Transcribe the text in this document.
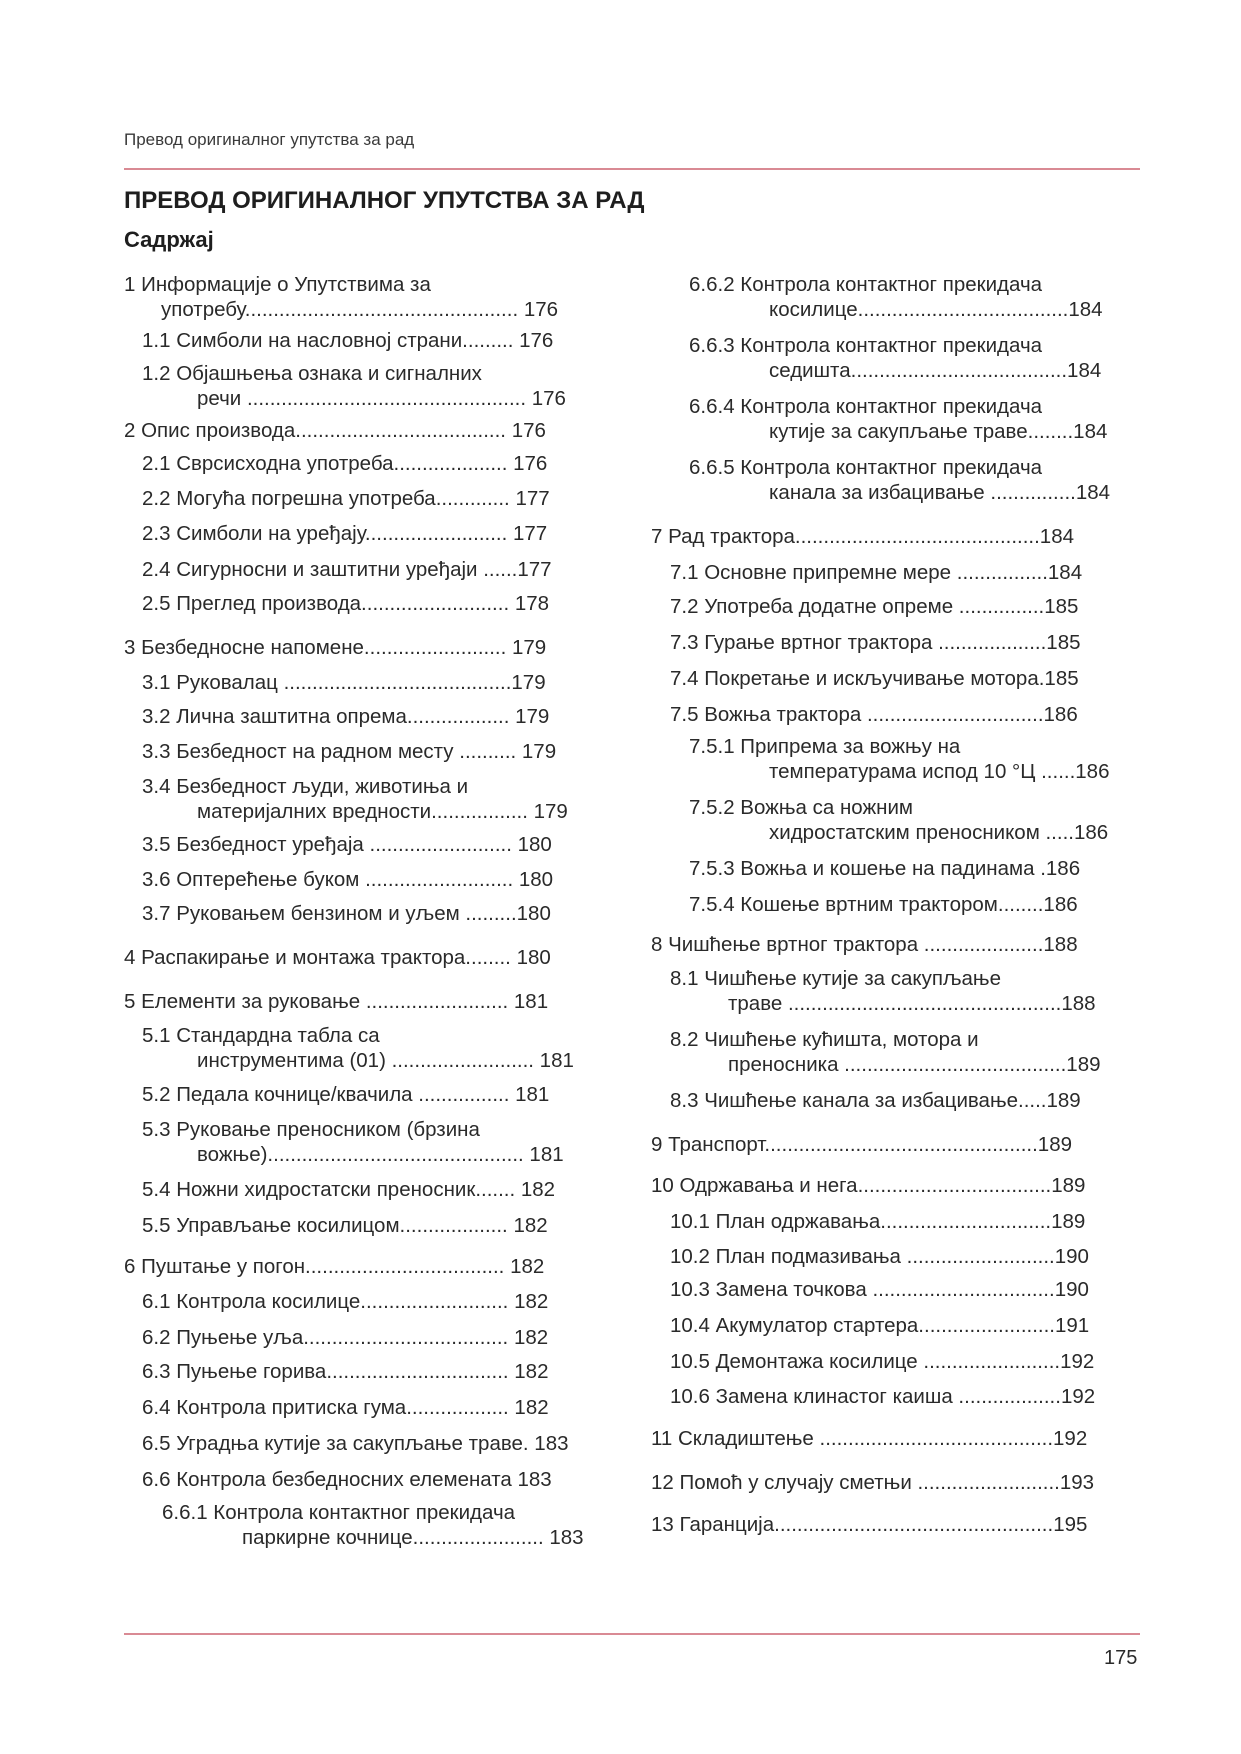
Превод оригиналног упутства за рад
ПРЕВОД ОРИГИНАЛНОГ УПУТСТВА ЗА РАД
Садржај
1 Информације о Упутствима за
употребу................................................ 176
1.1 Симболи на насловној страни......... 176
1.2 Објашњења ознака и сигналних
речи ................................................. 176
2 Опис производа..................................... 176
2.1 Сврсисходна употреба.................... 176
2.2 Могућа погрешна употреба............. 177
2.3 Симболи на уређају......................... 177
2.4 Сигурносни и заштитни уређаји ......177
2.5 Преглед производа.......................... 178
3 Безбедносне напомене......................... 179
3.1 Руковалац ........................................179
3.2 Лична заштитна опрема.................. 179
3.3 Безбедност на радном месту .......... 179
3.4 Безбедност људи, животиња и
материјалних вредности................. 179
3.5 Безбедност уређаја ......................... 180
3.6 Оптерећење буком .......................... 180
3.7 Руковањем бензином и уљем .........180
4 Распакирање и монтажа трактора........ 180
5 Елементи за руковање ......................... 181
5.1 Стандардна табла са
инструментима (01) ......................... 181
5.2 Педала кочнице/квачила ................ 181
5.3 Руковање преносником (брзина
вожње)............................................. 181
5.4 Ножни хидростатски преносник....... 182
5.5 Управљање косилицом................... 182
6 Пуштање у погон................................... 182
6.1 Контрола косилице.......................... 182
6.2 Пуњење уља.................................... 182
6.3 Пуњење горива................................ 182
6.4 Контрола притиска гума.................. 182
6.5 Уградња кутије за сакупљање траве. 183
6.6 Контрола безбедносних елемената 183
6.6.1 Контрола контактног прекидача
паркирне кочнице....................... 183
6.6.2 Контрола контактног прекидача
косилице.....................................184
6.6.3 Контрола контактног прекидача
седишта......................................184
6.6.4 Контрола контактног прекидача
кутије за сакупљање траве........184
6.6.5 Контрола контактног прекидача
канала за избацивање ...............184
7 Рад трактора...........................................184
7.1 Основне припремне мере ................184
7.2 Употреба додатне опреме ...............185
7.3 Гурање вртног трактора ...................185
7.4 Покретање и искључивање мотора.185
7.5 Вожња трактора ...............................186
7.5.1 Припрема за вожњу на
температурама испод 10 °Ц ......186
7.5.2 Вожња са ножним
хидростатским преносником .....186
7.5.3 Вожња и кошење на падинама .186
7.5.4 Кошење вртним трактором........186
8 Чишћење вртног трактора .....................188
8.1 Чишћење кутије за сакупљање
траве ................................................188
8.2 Чишћење кућишта, мотора и
преносника .......................................189
8.3 Чишћење канала за избацивање.....189
9 Транспорт................................................189
10 Одржавања и нега..................................189
10.1 План одржавања..............................189
10.2 План подмазивања ..........................190
10.3 Замена точкова ................................190
10.4 Акумулатор стартера........................191
10.5 Демонтажа косилице ........................192
10.6 Замена клинастог каиша ..................192
11 Складиштење .........................................192
12 Помоћ у случају сметњи .........................193
13 Гаранција.................................................195
175
